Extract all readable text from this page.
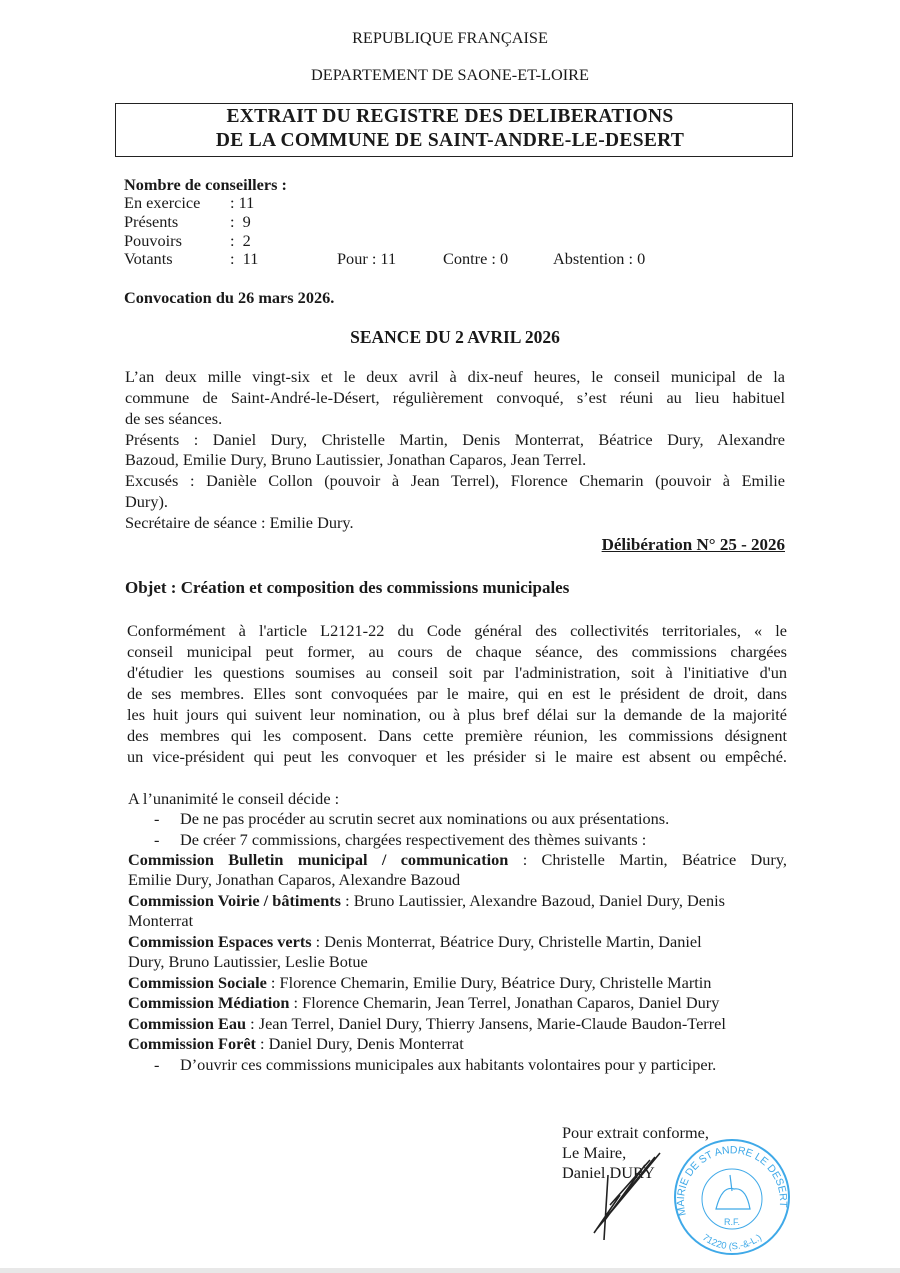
REPUBLIQUE FRANÇAISE
DEPARTEMENT DE SAONE-ET-LOIRE
EXTRAIT DU REGISTRE DES DELIBERATIONS
DE LA COMMUNE DE SAINT-ANDRE-LE-DESERT
Nombre de conseillers :
En exercice : 11
Présents	:  9
Pouvoirs	:  2
Votants	:  11	Pour : 11	Contre : 0	Abstention : 0
Convocation du 26 mars 2026.
SEANCE DU 2 AVRIL 2026
L’an deux mille vingt-six et le deux avril à dix-neuf heures, le conseil municipal de la
commune de Saint-André-le-Désert, régulièrement convoqué, s’est réuni au lieu habituel
de ses séances.
Présents : Daniel Dury, Christelle Martin, Denis Monterrat, Béatrice Dury, Alexandre
Bazoud, Emilie Dury, Bruno Lautissier, Jonathan Caparos, Jean Terrel.
Excusés : Danièle Collon (pouvoir à Jean Terrel), Florence Chemarin (pouvoir à Emilie
Dury).
Secrétaire de séance : Emilie Dury.
Délibération N° 25 - 2026
Objet : Création et composition des commissions municipales
Conformément à l'article L2121-22 du Code général des collectivités territoriales, « le
conseil municipal peut former, au cours de chaque séance, des commissions chargées
d'étudier les questions soumises au conseil soit par l'administration, soit à l'initiative d'un
de ses membres. Elles sont convoquées par le maire, qui en est le président de droit, dans
les huit jours qui suivent leur nomination, ou à plus bref délai sur la demande de la majorité
des membres qui les composent. Dans cette première réunion, les commissions désignent
un vice-président qui peut les convoquer et les présider si le maire est absent ou empêché.
A l’unanimité le conseil décide :
- De ne pas procéder au scrutin secret aux nominations ou aux présentations.
- De créer 7 commissions, chargées respectivement des thèmes suivants :
Commission Bulletin municipal / communication : Christelle Martin, Béatrice Dury,
Emilie Dury, Jonathan Caparos, Alexandre Bazoud
Commission Voirie / bâtiments : Bruno Lautissier, Alexandre Bazoud, Daniel Dury, Denis
Monterrat
Commission Espaces verts : Denis Monterrat, Béatrice Dury, Christelle Martin, Daniel
Dury, Bruno Lautissier, Leslie Botue
Commission Sociale : Florence Chemarin, Emilie Dury, Béatrice Dury, Christelle Martin
Commission Médiation : Florence Chemarin, Jean Terrel, Jonathan Caparos, Daniel Dury
Commission Eau : Jean Terrel, Daniel Dury, Thierry Jansens, Marie-Claude Baudon-Terrel
Commission Forêt : Daniel Dury, Denis Monterrat
- D’ouvrir ces commissions municipales aux habitants volontaires pour y participer.
Pour extrait conforme,
Le Maire,
Daniel DURY
MAIRIE DE ST ANDRE LE DESERT
R.F.
71220 (S.-&-L.)
